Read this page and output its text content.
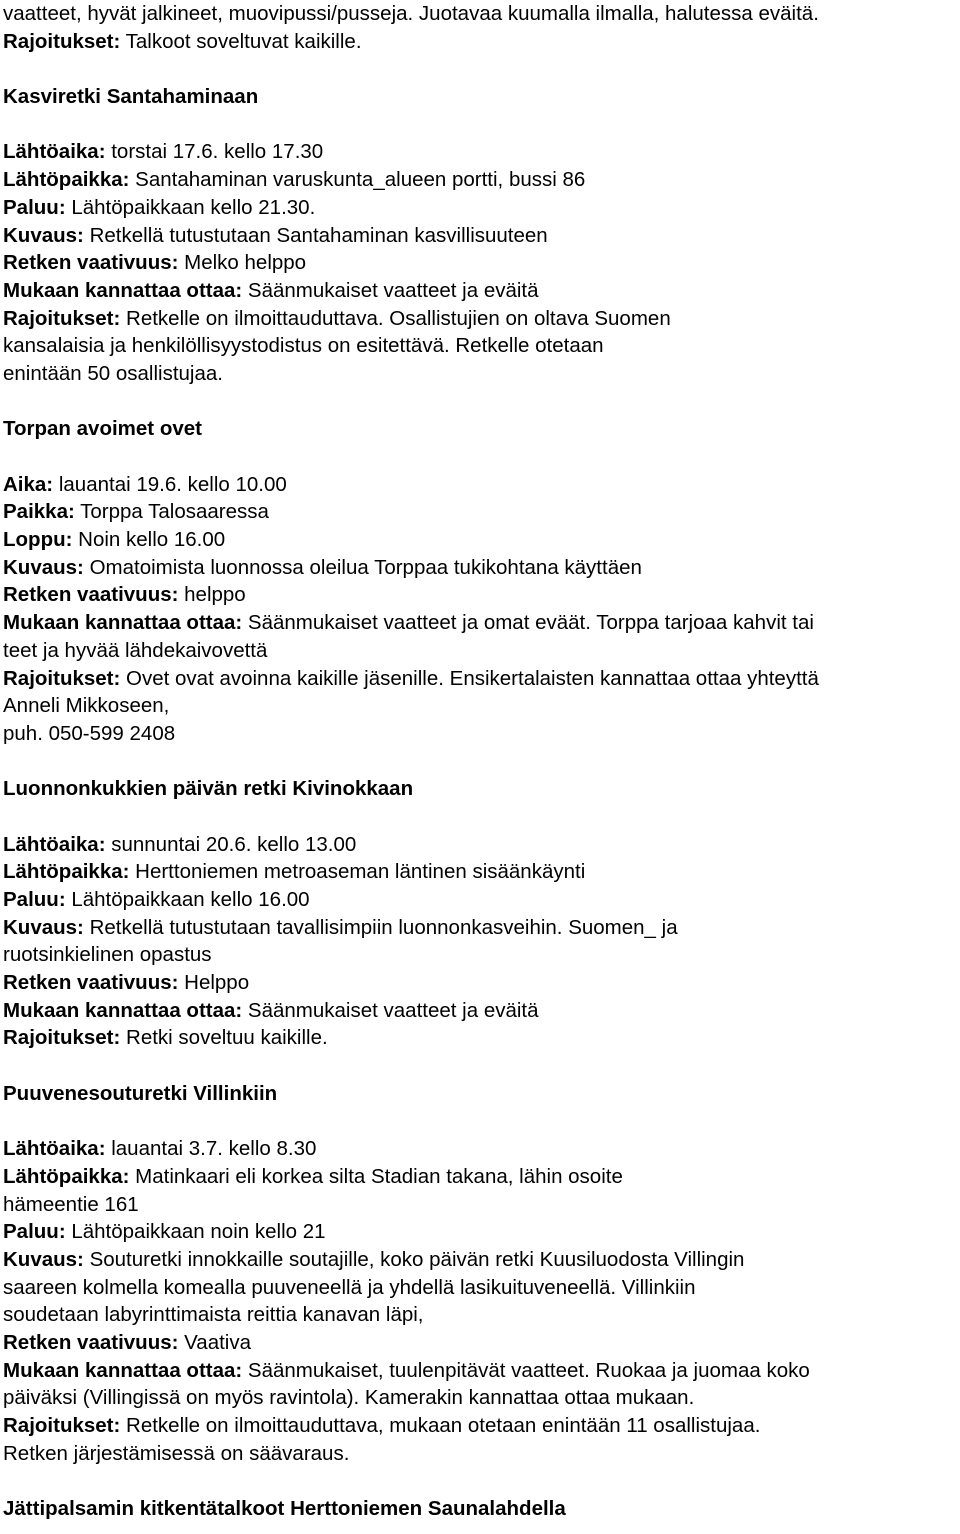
vaatteet, hyvät jalkineet, muovipussi/pusseja. Juotavaa kuumalla ilmalla, halutessa eväitä.
Rajoitukset: Talkoot soveltuvat kaikille.
Kasviretki Santahaminaan
Lähtöaika: torstai 17.6. kello 17.30
Lähtöpaikka: Santahaminan varuskunta_alueen portti, bussi 86
Paluu: Lähtöpaikkaan kello 21.30.
Kuvaus: Retkellä tutustutaan Santahaminan kasvillisuuteen
Retken vaativuus: Melko helppo
Mukaan kannattaa ottaa: Säänmukaiset vaatteet ja eväitä
Rajoitukset: Retkelle on ilmoittauduttava. Osallistujien on oltava Suomen
kansalaisia ja henkilöllisyystodistus on esitettävä. Retkelle otetaan
enintään 50 osallistujaa.
Torpan avoimet ovet
Aika: lauantai 19.6. kello 10.00
Paikka: Torppa Talosaaressa
Loppu: Noin kello 16.00
Kuvaus: Omatoimista luonnossa oleilua Torppaa tukikohtana käyttäen
Retken vaativuus: helppo
Mukaan kannattaa ottaa: Säänmukaiset vaatteet ja omat eväät. Torppa tarjoaa kahvit tai
teet ja hyvää lähdekaivovettä
Rajoitukset: Ovet ovat avoinna kaikille jäsenille. Ensikertalaisten kannattaa ottaa yhteyttä
Anneli Mikkoseen,
puh. 050-599 2408
Luonnonkukkien päivän retki Kivinokkaan
Lähtöaika: sunnuntai 20.6. kello 13.00
Lähtöpaikka: Herttoniemen metroaseman läntinen sisäänkäynti
Paluu: Lähtöpaikkaan kello 16.00
Kuvaus: Retkellä tutustutaan tavallisimpiin luonnonkasveihin. Suomen_ ja
ruotsinkielinen opastus
Retken vaativuus: Helppo
Mukaan kannattaa ottaa: Säänmukaiset vaatteet ja eväitä
Rajoitukset: Retki soveltuu kaikille.
Puuvenesouturetki Villinkiin
Lähtöaika: lauantai 3.7. kello 8.30
Lähtöpaikka: Matinkaari eli korkea silta Stadian takana, lähin osoite
hämeentie 161
Paluu: Lähtöpaikkaan noin kello 21
Kuvaus: Souturetki innokkaille soutajille, koko päivän retki Kuusiluodosta Villingin
saareen kolmella komealla puuveneellä ja yhdellä lasikuituveneellä. Villinkiin
soudetaan labyrinttimaista reittia kanavan läpi,
Retken vaativuus: Vaativa
Mukaan kannattaa ottaa: Säänmukaiset, tuulenpitävät vaatteet. Ruokaa ja juomaa koko
päiväksi (Villingissä on myös ravintola). Kamerakin kannattaa ottaa mukaan.
Rajoitukset: Retkelle on ilmoittauduttava, mukaan otetaan enintään 11 osallistujaa.
Retken järjestämisessä on säävaraus.
Jättipalsamin kitkentätalkoot Herttoniemen Saunalahdella
